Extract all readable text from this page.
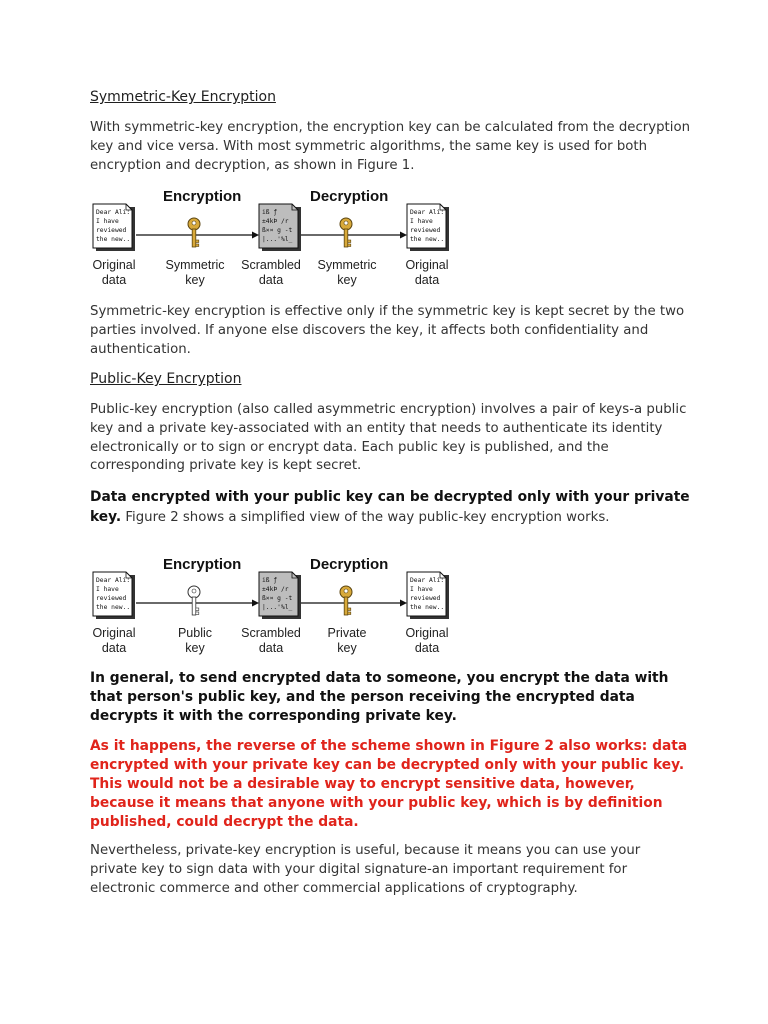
Symmetric-Key Encryption
With symmetric-key encryption, the encryption key can be calculated from the decryption key and vice versa. With most symmetric algorithms, the same key is used for both encryption and decryption, as shown in Figure 1.
Dear Ali:
I have
reviewed
the new...
iß ƒ
±4kÞ /r
ß×¤ g -t
|...'%l_
Dear Ali:
I have
reviewed
the new...
Encryption	Decryption
Original
data
Symmetric
key
Scrambled
data
Symmetric
key
Original
data
Symmetric-key encryption is effective only if the symmetric key is kept secret by the two parties involved. If anyone else discovers the key, it affects both confidentiality and authentication.
Public-Key Encryption
Public-key encryption (also called asymmetric encryption) involves a pair of keys-a public key and a private key-associated with an entity that needs to authenticate its identity electronically or to sign or encrypt data. Each public key is published, and the corresponding private key is kept secret.
Data encrypted with your public key can be decrypted only with your private key. Figure 2 shows a simplified view of the way public-key encryption works.
Dear Ali:
I have
reviewed
the new...
iß ƒ
±4kÞ /r
ß×¤ g -t
|...'%l_
Dear Ali:
I have
reviewed
the new...
Encryption	Decryption
Original
data
Public
key
Scrambled
data
Private
key
Original
data
In general, to send encrypted data to someone, you encrypt the data with that person's public key, and the person receiving the encrypted data decrypts it with the corresponding private key.
As it happens, the reverse of the scheme shown in Figure 2 also works: data encrypted with your private key can be decrypted only with your public key. This would not be a desirable way to encrypt sensitive data, however, because it means that anyone with your public key, which is by definition published, could decrypt the data.
Nevertheless, private-key encryption is useful, because it means you can use your private key to sign data with your digital signature-an important requirement for electronic commerce and other commercial applications of cryptography.
